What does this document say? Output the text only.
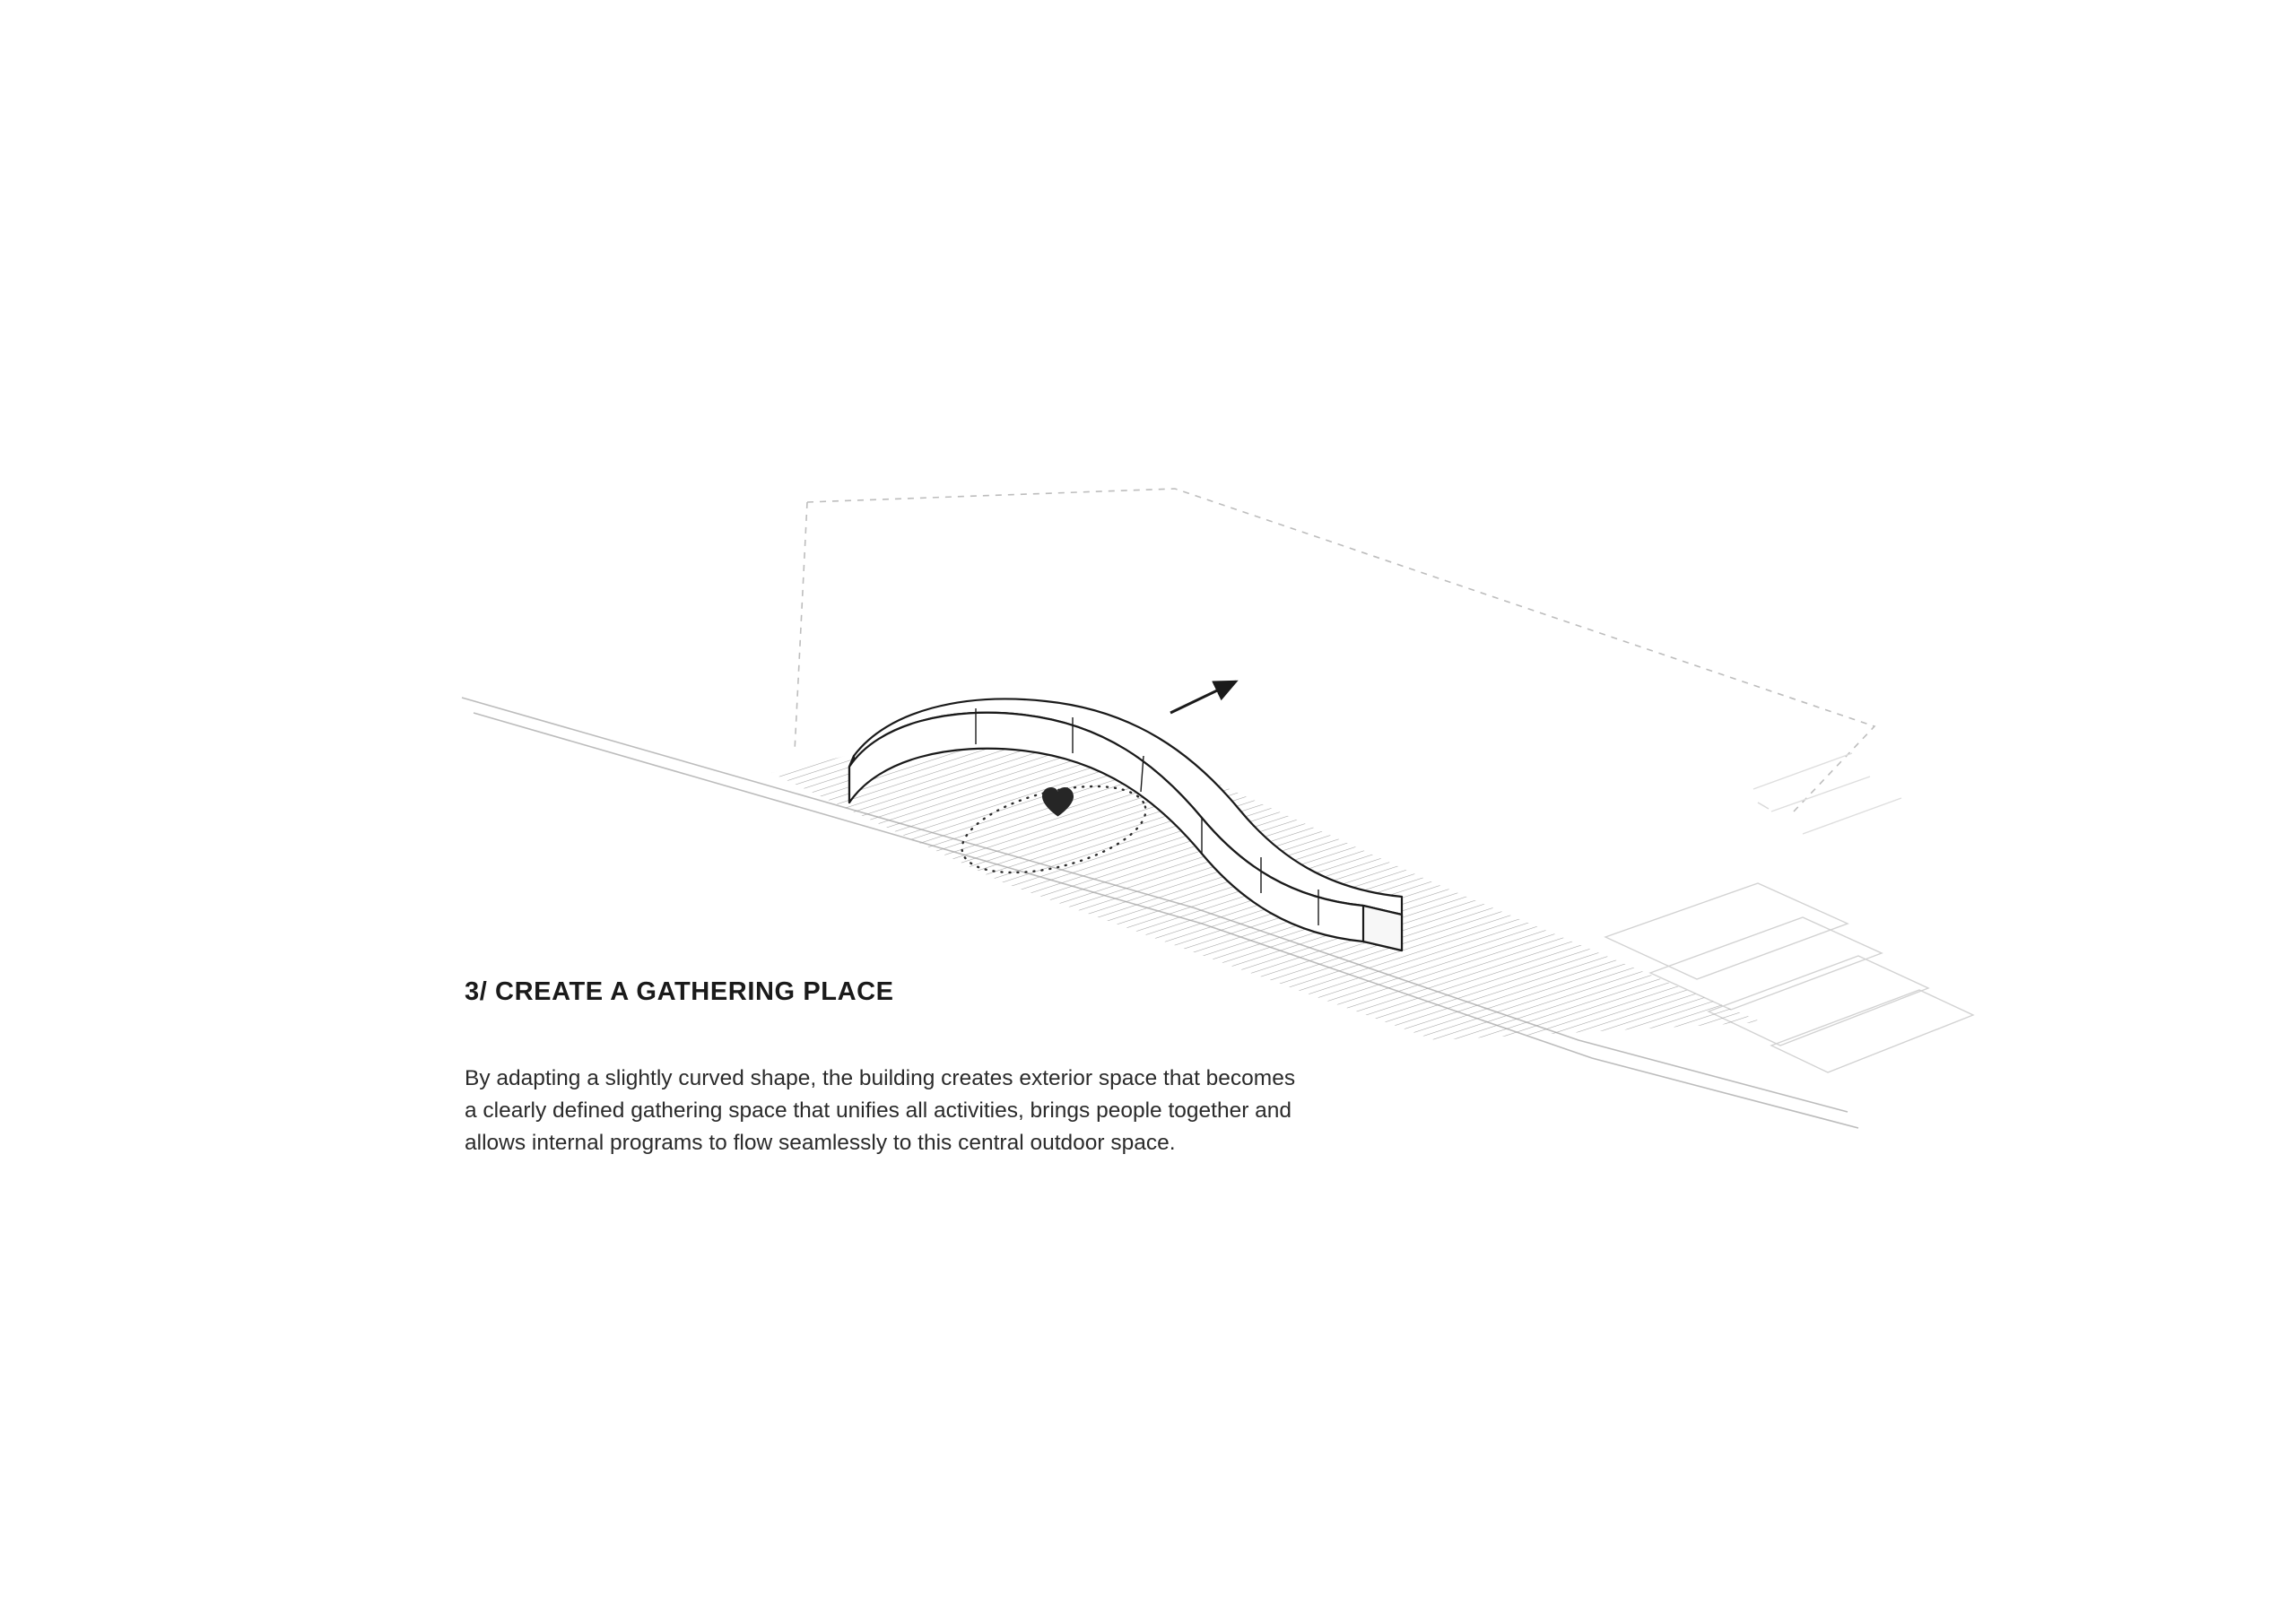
3/ CREATE A GATHERING PLACE

By adapting a slightly curved shape, the building creates exterior space that becomes
a clearly defined gathering space that unifies all activities, brings people together and
allows internal programs to flow seamlessly to this central outdoor space.
